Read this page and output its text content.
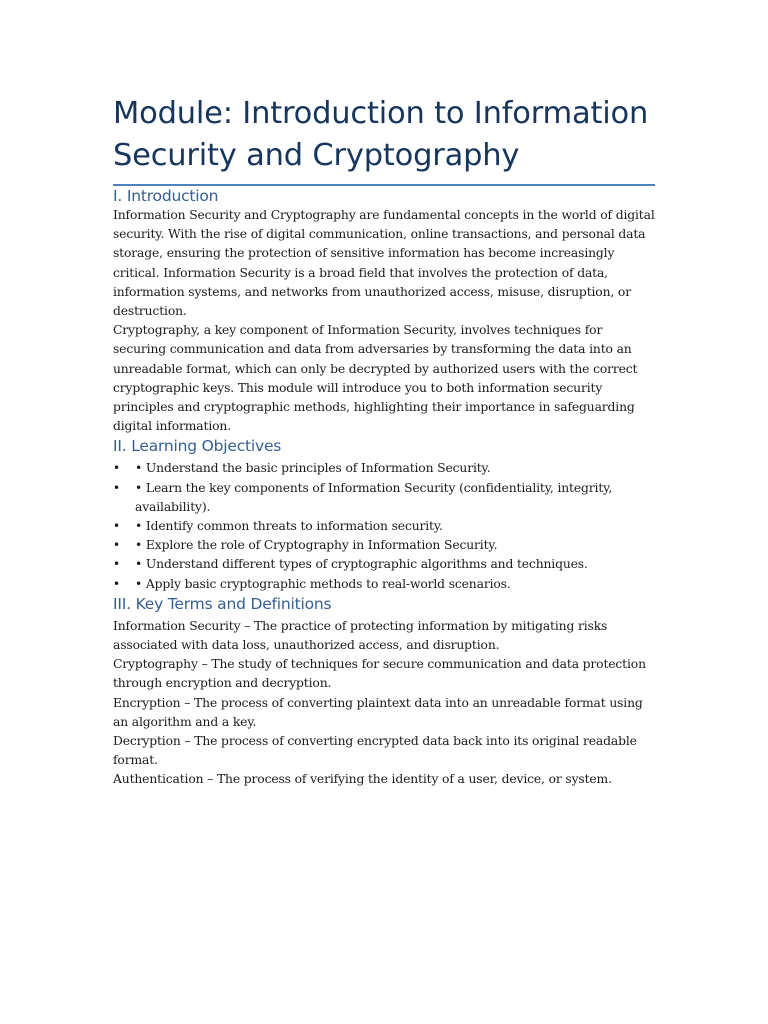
Module: Introduction to Information Security and Cryptography
I. Introduction

Information Security and Cryptography are fundamental concepts in the world of digital security. With the rise of digital communication, online transactions, and personal data storage, ensuring the protection of sensitive information has become increasingly critical. Information Security is a broad field that involves the protection of data, information systems, and networks from unauthorized access, misuse, disruption, or destruction.

Cryptography, a key component of Information Security, involves techniques for securing communication and data from adversaries by transforming the data into an unreadable format, which can only be decrypted by authorized users with the correct cryptographic keys. This module will introduce you to both information security principles and cryptographic methods, highlighting their importance in safeguarding digital information.

II. Learning Objectives
• • Understand the basic principles of Information Security.
• • Learn the key components of Information Security (confidentiality, integrity, availability).
• • Identify common threats to information security.
• • Explore the role of Cryptography in Information Security.
• • Understand different types of cryptographic algorithms and techniques.
• • Apply basic cryptographic methods to real-world scenarios.
III. Key Terms and Definitions

Information Security – The practice of protecting information by mitigating risks associated with data loss, unauthorized access, and disruption.

Cryptography – The study of techniques for secure communication and data protection through encryption and decryption.

Encryption – The process of converting plaintext data into an unreadable format using an algorithm and a key.

Decryption – The process of converting encrypted data back into its original readable format.

Authentication – The process of verifying the identity of a user, device, or system.
